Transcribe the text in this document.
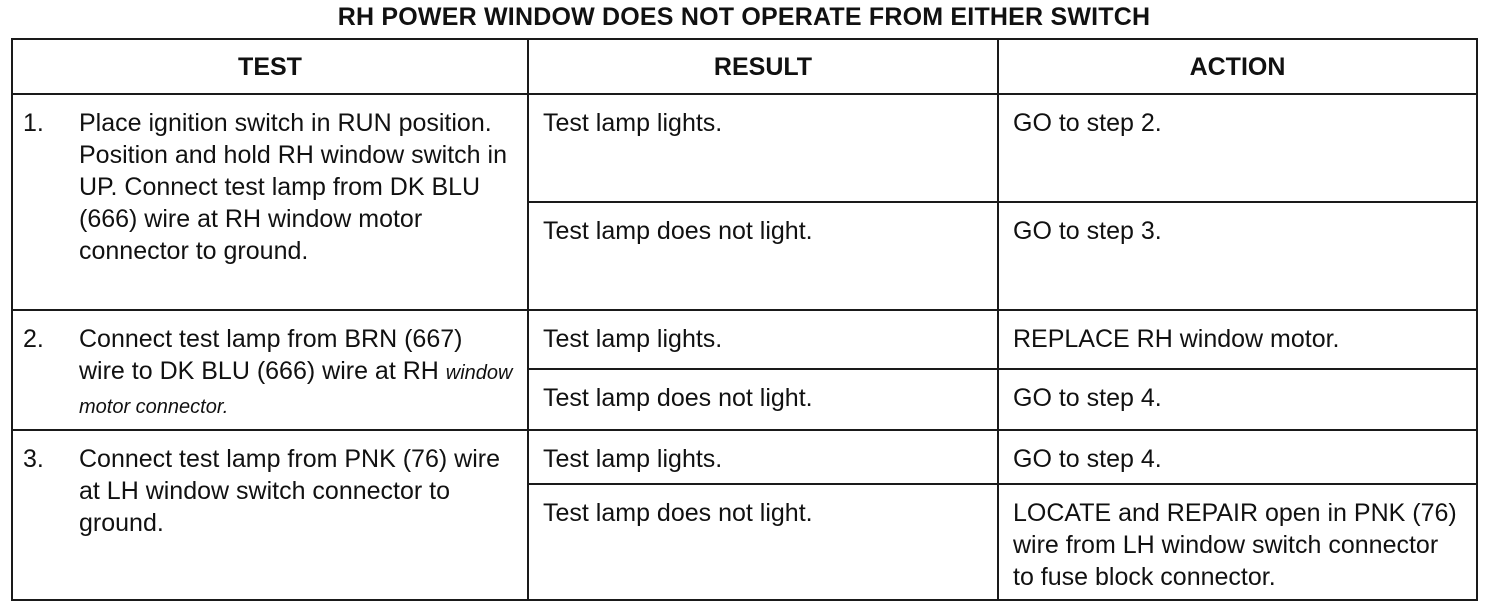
RH POWER WINDOW DOES NOT OPERATE FROM EITHER SWITCH
TEST	RESULT	ACTION

1. Place ignition switch in RUN position. Position and hold RH window switch in UP. Connect test lamp from DK BLU (666) wire at RH window motor connector to ground.	Test lamp lights.	GO to step 2.
	Test lamp does not light.	GO to step 3.

2. Connect test lamp from BRN (667) wire to DK BLU (666) wire at RH window motor connector.	Test lamp lights.	REPLACE RH window motor.
	Test lamp does not light.	GO to step 4.

3. Connect test lamp from PNK (76) wire at LH window switch connector to ground.	Test lamp lights.	GO to step 4.
	Test lamp does not light.	LOCATE and REPAIR open in PNK (76) wire from LH window switch connector to fuse block connector.
